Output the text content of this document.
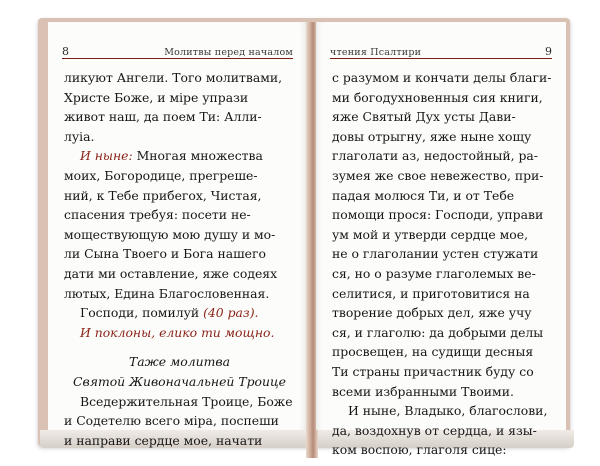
8	Молитвы перед началом
ликуют Ангели. Того молитвами,
Христе Боже, и мiре упрази
живот наш, да поем Ти: Алли-
луiа.
И ныне: Многая множества
моих, Богородице, прегреше-
ний, к Тебе прибегох, Чистая,
спасения требуя: посети не-
моществующую мою душу и мо-
ли Сына Твоего и Бога нашего
дати ми оставление, яже содеях
лютых, Едина Благословенная.
Господи, помилуй (40 раз).
И поклоны, елико ти мощно.
Таже молитва
Святой Живоначальней Троице
Вседержительная Троице, Боже
и Содетелю всего мiра, поспеши
и направи сердце мое, начати
чтения Псалтири	9
с разумом и кончати делы благи-
ми богодухновенныя сия книги,
яже Святый Дух усты Дави-
довы отрыгну, яже ныне хощу
глаголати аз, недостойный, ра-
зумея же свое невежество, при-
падая молюся Ти, и от Тебе
помощи прося: Господи, управи
ум мой и утверди сердце мое,
не о глаголании устен стужати
ся, но о разуме глаголемых ве-
селитися, и приготовитися на
творение добрых дел, яже учу
ся, и глаголю: да добрыми делы
просвещен, на судищи десныя
Ти страны причастник буду со
всеми избранными Твоими.
И ныне, Владыко, благослови,
да, воздохнув от сердца, и язы-
ком воспою, глаголя сице:
